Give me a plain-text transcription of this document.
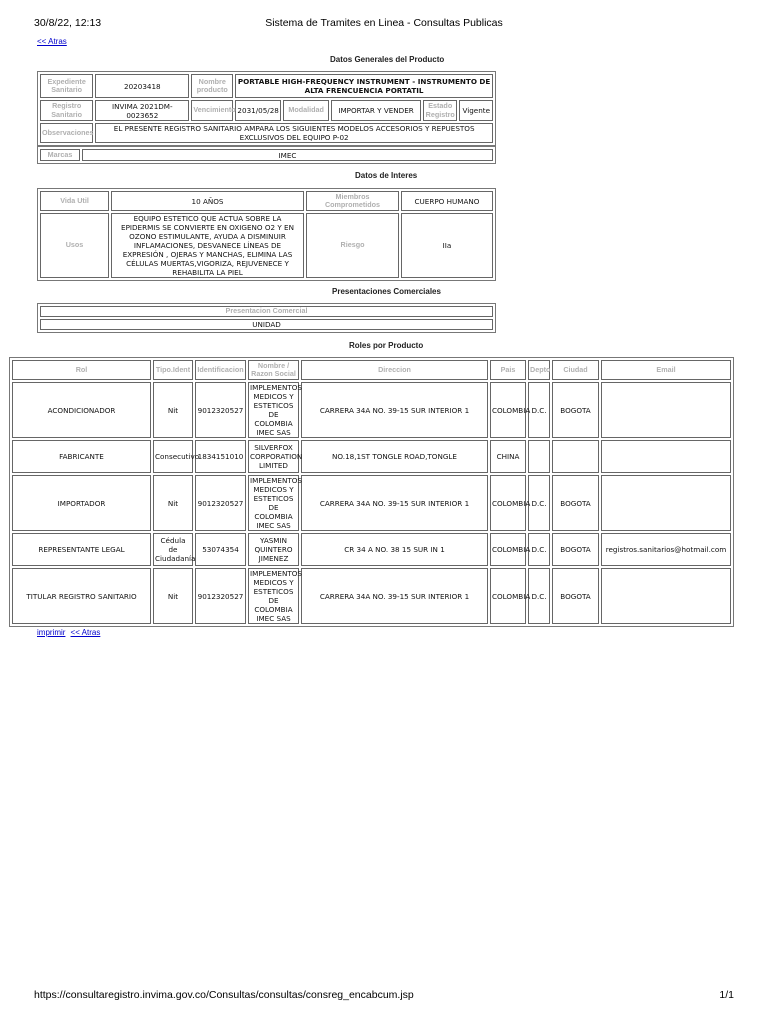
30/8/22, 12:13	Sistema de Tramites en Linea - Consultas Publicas
<< Atras
Datos Generales del Producto
Expediente Sanitario	20203418	Nombre producto	PORTABLE HIGH-FREQUENCY INSTRUMENT - INSTRUMENTO DE ALTA FRENCUENCIA PORTATIL				
Registro Sanitario	INVIMA 2021DM-0023652	Vencimiento	2031/05/28	Modalidad	IMPORTAR Y VENDER	Estado Registro	Vigente
Observaciones	EL PRESENTE REGISTRO SANITARIO AMPARA LOS SIGUIENTES MODELOS ACCESORIOS Y REPUESTOS EXCLUSIVOS DEL EQUIPO P-02						
Marcas	IMEC
Datos de Interes
Vida Util	10 AÑOS	Miembros Comprometidos	CUERPO HUMANO
Usos	EQUIPO ESTETICO QUE ACTUA SOBRE LA EPIDERMIS SE CONVIERTE EN OXIGENO O2 Y EN OZONO ESTIMULANTE, AYUDA A DISMINUIR INFLAMACIONES, DESVANECE LÍNEAS DE EXPRESIÓN , OJERAS Y MANCHAS, ELIMINA LAS CÉLULAS MUERTAS,VIGORIZA, REJUVENECE Y REHABILITA LA PIEL	Riesgo	IIa
Presentaciones Comerciales
Presentacion Comercial
UNIDAD
Roles por Producto
Rol	Tipo.Ident	Identificacion	Nombre / Razon Social	Direccion	Pais	Depto	Ciudad	Email
ACONDICIONADOR	Nit	9012320527	IMPLEMENTOS MEDICOS Y ESTETICOS DE COLOMBIA IMEC SAS	CARRERA 34A NO. 39-15 SUR INTERIOR 1	COLOMBIA	D.C.	BOGOTA	
FABRICANTE	Consecutivo	1834151010	SILVERFOX CORPORATION LIMITED	NO.18,1ST TONGLE ROAD,TONGLE	CHINA			
IMPORTADOR	Nit	9012320527	IMPLEMENTOS MEDICOS Y ESTETICOS DE COLOMBIA IMEC SAS	CARRERA 34A NO. 39-15 SUR INTERIOR 1	COLOMBIA	D.C.	BOGOTA	
REPRESENTANTE LEGAL	Cédula de Ciudadanía	53074354	YASMIN QUINTERO JIMENEZ	CR 34 A NO. 38 15 SUR IN 1	COLOMBIA	D.C.	BOGOTA	registros.sanitarios@hotmail.com
TITULAR REGISTRO SANITARIO	Nit	9012320527	IMPLEMENTOS MEDICOS Y ESTETICOS DE COLOMBIA IMEC SAS	CARRERA 34A NO. 39-15 SUR INTERIOR 1	COLOMBIA	D.C.	BOGOTA	
imprimir << Atras
https://consultaregistro.invima.gov.co/Consultas/consultas/consreg_encabcum.jsp	1/1
